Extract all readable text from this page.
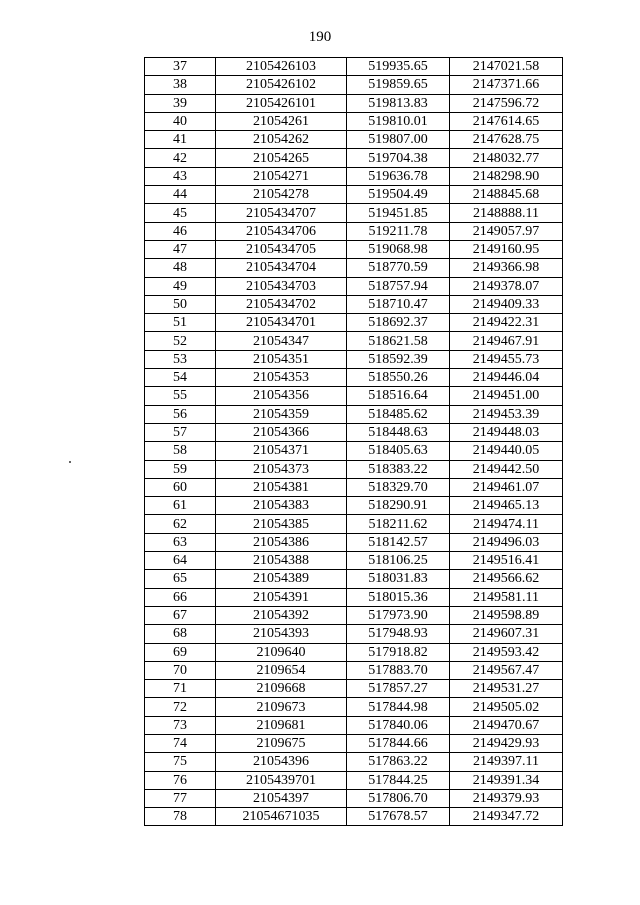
190
37	2105426103	519935.65	2147021.58
38	2105426102	519859.65	2147371.66
39	2105426101	519813.83	2147596.72
40	21054261	519810.01	2147614.65
41	21054262	519807.00	2147628.75
42	21054265	519704.38	2148032.77
43	21054271	519636.78	2148298.90
44	21054278	519504.49	2148845.68
45	2105434707	519451.85	2148888.11
46	2105434706	519211.78	2149057.97
47	2105434705	519068.98	2149160.95
48	2105434704	518770.59	2149366.98
49	2105434703	518757.94	2149378.07
50	2105434702	518710.47	2149409.33
51	2105434701	518692.37	2149422.31
52	21054347	518621.58	2149467.91
53	21054351	518592.39	2149455.73
54	21054353	518550.26	2149446.04
55	21054356	518516.64	2149451.00
56	21054359	518485.62	2149453.39
57	21054366	518448.63	2149448.03
58	21054371	518405.63	2149440.05
59	21054373	518383.22	2149442.50
60	21054381	518329.70	2149461.07
61	21054383	518290.91	2149465.13
62	21054385	518211.62	2149474.11
63	21054386	518142.57	2149496.03
64	21054388	518106.25	2149516.41
65	21054389	518031.83	2149566.62
66	21054391	518015.36	2149581.11
67	21054392	517973.90	2149598.89
68	21054393	517948.93	2149607.31
69	2109640	517918.82	2149593.42
70	2109654	517883.70	2149567.47
71	2109668	517857.27	2149531.27
72	2109673	517844.98	2149505.02
73	2109681	517840.06	2149470.67
74	2109675	517844.66	2149429.93
75	21054396	517863.22	2149397.11
76	2105439701	517844.25	2149391.34
77	21054397	517806.70	2149379.93
78	21054671035	517678.57	2149347.72
